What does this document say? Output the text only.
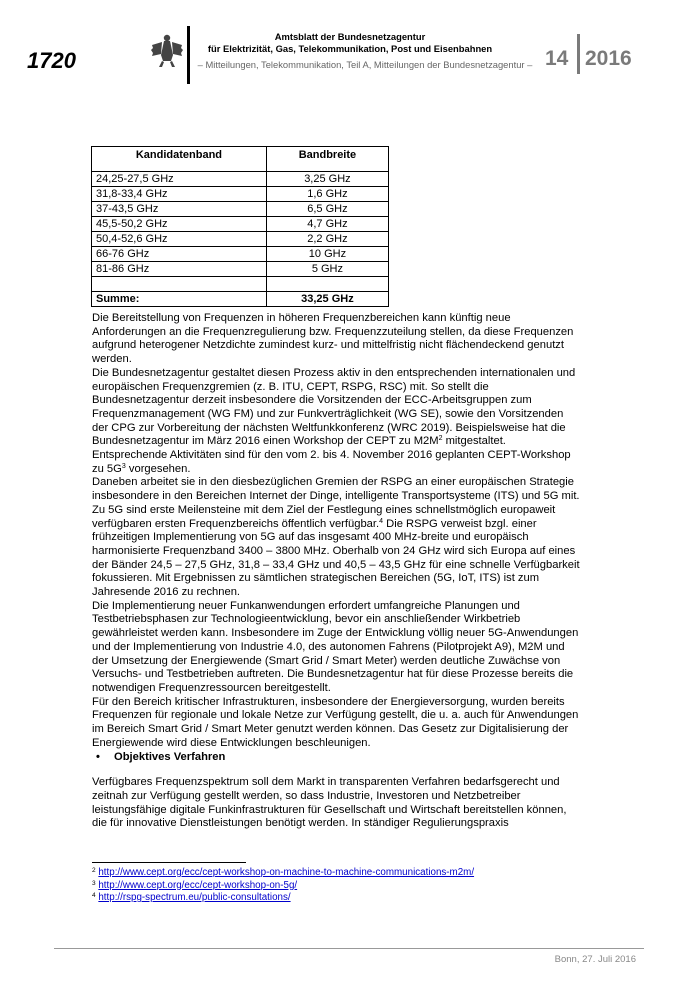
1720
Amtsblatt der Bundesnetzagentur
für Elektrizität, Gas, Telekommunikation, Post und Eisenbahnen
– Mitteilungen, Telekommunikation, Teil A, Mitteilungen der Bundesnetzagentur – 14 2016
Kandidatenband	Bandbreite
24,25-27,5 GHz	3,25 GHz
31,8-33,4 GHz	1,6 GHz
37-43,5 GHz	6,5 GHz
45,5-50,2 GHz	4,7 GHz
50,4-52,6 GHz	2,2 GHz
66-76 GHz	10 GHz
81-86 GHz	5 GHz

Summe:	33,25 GHz

Die Bereitstellung von Frequenzen in höheren Frequenzbereichen kann künftig neue Anforderungen an die Frequenzregulierung bzw. Frequenzzuteilung stellen, da diese Frequenzen aufgrund heterogener Netzdichte zumindest kurz- und mittelfristig nicht flächendeckend genutzt werden.

Die Bundesnetzagentur gestaltet diesen Prozess aktiv in den entsprechenden internationalen und europäischen Frequenzgremien (z. B. ITU, CEPT, RSPG, RSC) mit. So stellt die Bundesnetzagentur derzeit insbesondere die Vorsitzenden der ECC-Arbeitsgruppen zum Frequenzmanagement (WG FM) und zur Funkverträglichkeit (WG SE), sowie den Vorsitzenden der CPG zur Vorbereitung der nächsten Weltfunkkonferenz (WRC 2019). Beispielsweise hat die Bundesnetzagentur im März 2016 einen Workshop der CEPT zu $M2M^2$ mitgestaltet. Entsprechende Aktivitäten sind für den vom 2. bis 4. November 2016 geplanten CEPT-Workshop zu $5G^3$ vorgesehen.

Daneben arbeitet sie in den diesbezüglichen Gremien der RSPG an einer europäischen Strategie insbesondere in den Bereichen Internet der Dinge, intelligente Transportsysteme (ITS) und 5G mit.

Zu 5G sind erste Meilensteine mit dem Ziel der Festlegung eines schnellstmöglich europaweit verfügbaren ersten Frequenzbereichs öffentlich verfügbar.$^4$ Die RSPG verweist bzgl. einer frühzeitigen Implementierung von 5G auf das insgesamt 400 MHz-breite und europäisch harmonisierte Frequenzband 3400 – 3800 MHz. Oberhalb von 24 GHz wird sich Europa auf eines der Bänder 24,5 – 27,5 GHz, 31,8 – 33,4 GHz und 40,5 – 43,5 GHz für eine schnelle Verfügbarkeit fokussieren. Mit Ergebnissen zu sämtlichen strategischen Bereichen (5G, IoT, ITS) ist zum Jahresende 2016 zu rechnen.

Die Implementierung neuer Funkanwendungen erfordert umfangreiche Planungen und Testbetriebsphasen zur Technologieentwicklung, bevor ein anschließender Wirkbetrieb gewährleistet werden kann. Insbesondere im Zuge der Entwicklung völlig neuer 5G-Anwendungen und der Implementierung von Industrie 4.0, des autonomen Fahrens (Pilotprojekt A9), M2M und der Umsetzung der Energiewende (Smart Grid / Smart Meter) werden deutliche Zuwächse von Versuchs- und Testbetrieben auftreten. Die Bundesnetzagentur hat für diese Prozesse bereits die notwendigen Frequenzressourcen bereitgestellt.

Für den Bereich kritischer Infrastrukturen, insbesondere der Energieversorgung, wurden bereits Frequenzen für regionale und lokale Netze zur Verfügung gestellt, die u. a. auch für Anwendungen im Bereich Smart Grid / Smart Meter genutzt werden können. Das Gesetz zur Digitalisierung der Energiewende wird diese Entwicklungen beschleunigen.

• Objektives Verfahren

Verfügbares Frequenzspektrum soll dem Markt in transparenten Verfahren bedarfsgerecht und zeitnah zur Verfügung gestellt werden, so dass Industrie, Investoren und Netzbetreiber leistungsfähige digitale Funkinfrastrukturen für Gesellschaft und Wirtschaft bereitstellen können, die für innovative Dienstleistungen benötigt werden. In ständiger Regulierungspraxis

$^2$ http://www.cept.org/ecc/cept-workshop-on-machine-to-machine-communications-m2m/
$^3$ http://www.cept.org/ecc/cept-workshop-on-5g/
$^4$ http://rspg-spectrum.eu/public-consultations/
Bonn, 27. Juli 2016
